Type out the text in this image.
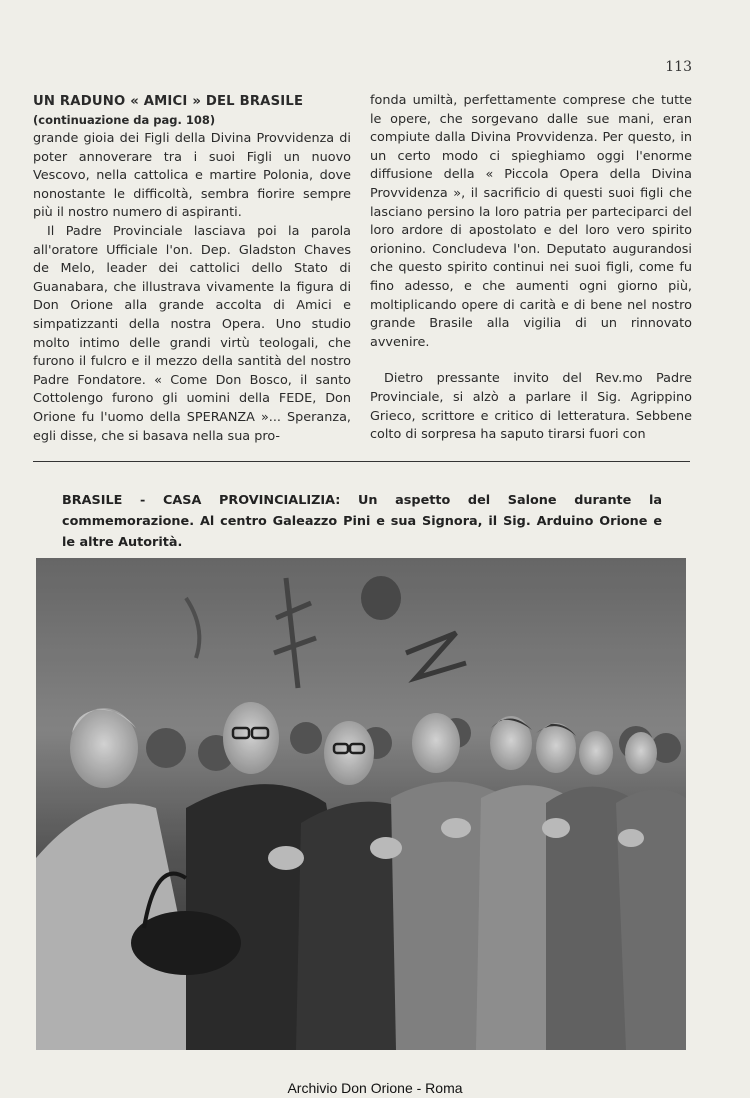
113
UN RADUNO « AMICI » DEL BRASILE
(continuazione da pag. 108)

grande gioia dei Figli della Divina Provvidenza di poter annoverare tra i suoi Figli un nuovo Vescovo, nella cattolica e martire Polonia, dove nonostante le difficoltà, sembra fiorire sempre più il nostro numero di aspiranti.

Il Padre Provinciale lasciava poi la parola all'oratore Ufficiale l'on. Dep. Gladston Chaves de Melo, leader dei cattolici dello Stato di Guanabara, che illustrava vivamente la figura di Don Orione alla grande accolta di Amici e simpatizzanti della nostra Opera. Uno studio molto intimo delle grandi virtù teologali, che furono il fulcro e il mezzo della santità del nostro Padre Fondatore. « Come Don Bosco, il santo Cottolengo furono gli uomini della FEDE, Don Orione fu l'uomo della SPERANZA »... Speranza, egli disse, che si basava nella sua pro-

fonda umiltà, perfettamente comprese che tutte le opere, che sorgevano dalle sue mani, eran compiute dalla Divina Provvidenza. Per questo, in un certo modo ci spieghiamo oggi l'enorme diffusione della « Piccola Opera della Divina Provvidenza », il sacrificio di questi suoi figli che lasciano persino la loro patria per parteciparci del loro ardore di apostolato e del loro vero spirito orionino. Concludeva l'on. Deputato augurandosi che questo spirito continui nei suoi figli, come fu fino adesso, e che aumenti ogni giorno più, moltiplicando opere di carità e di bene nel nostro grande Brasile alla vigilia di un rinnovato avvenire.

Dietro pressante invito del Rev.mo Padre Provinciale, si alzò a parlare il Sig. Agrippino Grieco, scrittore e critico di letteratura. Sebbene colto di sorpresa ha saputo tirarsi fuori con

BRASILE - CASA PROVINCIALIZIA: Un aspetto del Salone durante la commemorazione. Al centro Galeazzo Pini e sua Signora, il Sig. Arduino Orione e le altre Autorità.
Archivio Don Orione - Roma
